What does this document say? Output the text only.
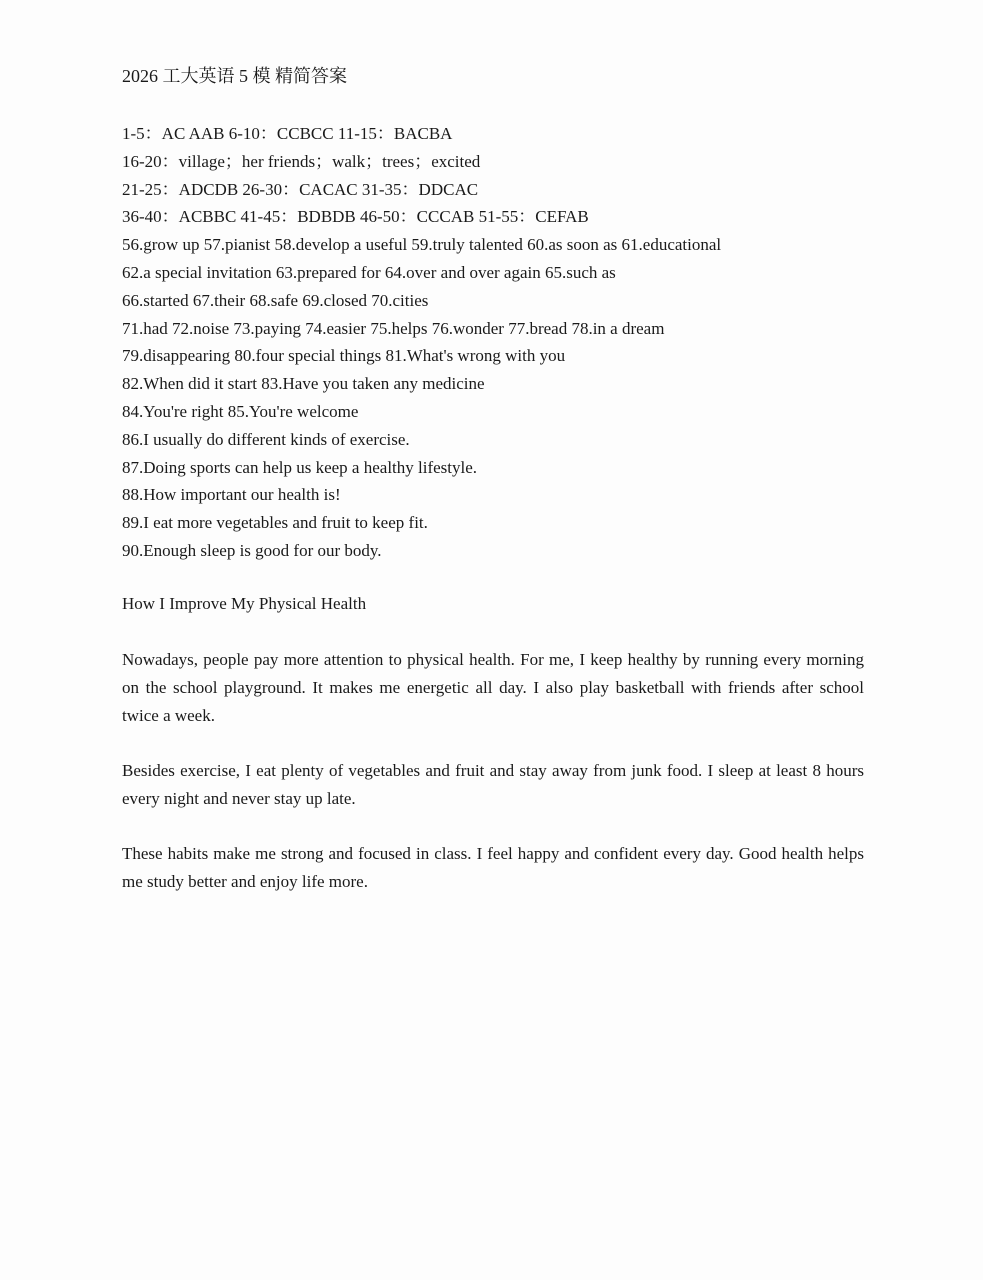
2026 工大英语 5 模 精简答案
1-5：AC AAB 6-10：CCBCC 11-15：BACBA
16-20：village；her friends；walk；trees；excited
21-25：ADCDB 26-30：CACAC 31-35：DDCAC
36-40：ACBBC 41-45：BDBDB 46-50：CCCAB 51-55：CEFAB
56.grow up 57.pianist 58.develop a useful 59.truly talented 60.as soon as 61.educational
62.a special invitation 63.prepared for 64.over and over again 65.such as
66.started 67.their 68.safe 69.closed 70.cities
71.had 72.noise 73.paying 74.easier 75.helps 76.wonder 77.bread 78.in a dream
79.disappearing 80.four special things 81.What's wrong with you
82.When did it start 83.Have you taken any medicine
84.You're right 85.You're welcome
86.I usually do different kinds of exercise.
87.Doing sports can help us keep a healthy lifestyle.
88.How important our health is!
89.I eat more vegetables and fruit to keep fit.
90.Enough sleep is good for our body.
How I Improve My Physical Health

Nowadays, people pay more attention to physical health. For me, I keep healthy by running every morning on the school playground. It makes me energetic all day. I also play basketball with friends after school twice a week.

Besides exercise, I eat plenty of vegetables and fruit and stay away from junk food. I sleep at least 8 hours every night and never stay up late.

These habits make me strong and focused in class. I feel happy and confident every day. Good health helps me study better and enjoy life more.
